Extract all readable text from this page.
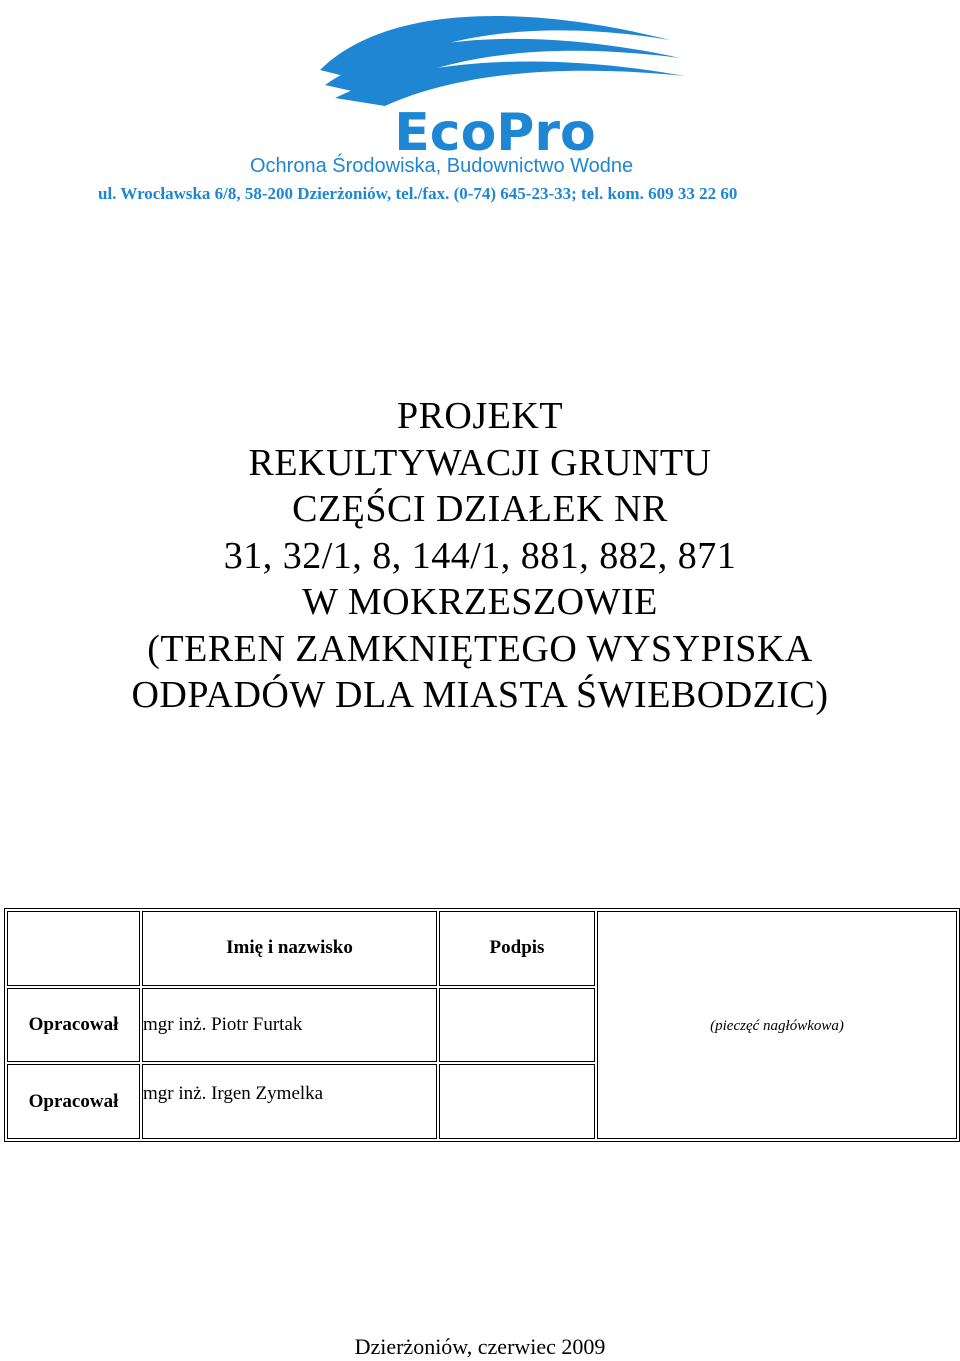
EcoPro
Ochrona Środowiska, Budownictwo Wodne
ul. Wrocławska 6/8, 58-200 Dzierżoniów, tel./fax. (0-74) 645-23-33; tel. kom. 609 33 22 60
PROJEKT
REKULTYWACJI GRUNTU
CZĘŚCI DZIAŁEK NR
31, 32/1, 8, 144/1, 881, 882, 871
W MOKRZESZOWIE
(TEREN ZAMKNIĘTEGO WYSYPISKA
ODPADÓW DLA MIASTA ŚWIEBODZIC)
	Imię i nazwisko	Podpis	(pieczęć nagłówkowa)
Opracował	mgr inż. Piotr Furtak		
Opracował	mgr inż. Irgen Zymelka		
Dzierżoniów, czerwiec 2009
